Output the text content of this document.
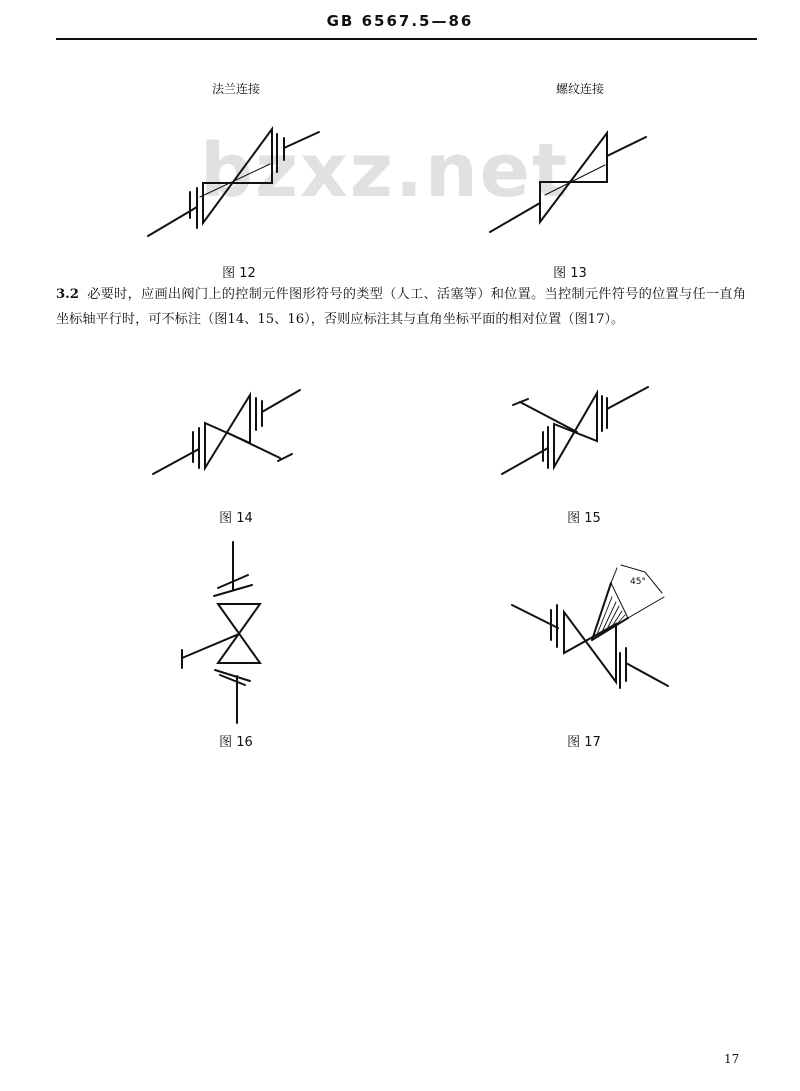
GB 6567.5—86
bzxz.net
法兰连接	螺纹连接
图 12	图 13
3.2 必要时，应画出阀门上的控制元件图形符号的类型（人工、活塞等）和位置。当控制元件符号的位置与任一直角坐标轴平行时，可不标注（图14、15、16），否则应标注其与直角坐标平面的相对位置（图17）。
图 14	图 15
45°
图 16	图 17
17
